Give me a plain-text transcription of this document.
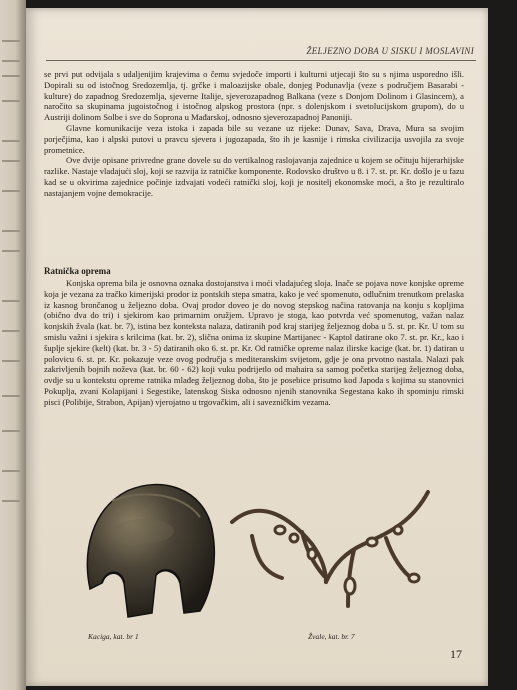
ŽELJEZNO DOBA U SISKU I MOSLAVINI

se prvi put odvijala s udaljenijim krajevima o čemu svjedoče importi i kulturni utjecaji što su s njima usporedno išli. Dopirali su od istočnog Sredozemlja, tj. grčke i maloazijske obale, donjeg Podunavlja (veze s područjem Basarabi - kulture) do zapadnog Sredozemlja, sjeverne Italije, sjeverozapadnog Balkana (veze s Donjom Dolinom i Glasincem), a naročito sa skupinama jugoistočnog i istočnog alpskog prostora (npr. s dolenjskom i svetolucijskom grupom), do u Austriji dolinom Solbe i sve do Soprona u Mađarskoj, odnosno sjeverozapadnoj Panoniji.

Glavne komunikacije veza istoka i zapada bile su vezane uz rijeke: Dunav, Sava, Drava, Mura sa svojim porječjima, kao i alpski putovi u pravcu sjevera i jugozapada, što ih je kasnije i rimska civilizacija usvojila za svoje prometnice.

Ove dvije opisane privredne grane dovele su do vertikalnog raslojavanja zajednice u kojem se očituju hijerarhijske razlike. Nastaje vladajući sloj, koji se razvija iz ratničke komponente. Rodovsko društvo u 8. i 7. st. pr. Kr. došlo je u fazu kad se u okvirima zajednice počinje izdvajati vodeći ratnički sloj, koji je nositelj ekonomske moći, a što je rezultiralo nastajanjem vojne demokracije.

Ratnička oprema

Konjska oprema bila je osnovna oznaka dostojanstva i moći vladajućeg sloja. Inače se pojava nove konjske opreme koja je vezana za tračko kimerijski prodor iz pontskih stepa smatra, kako je već spomenuto, odlučnim trenutkom prelaska iz kasnog brončanog u željezno doba. Ovaj prodor doveo je do novog stepskog načina ratovanja na konju s kopljima (obično dva do tri) i sjekirom kao primarnim oružjem. Upravo je stoga, kao potvrda već spomenutog, važan nalaz konjskih žvala (kat. br. 7), istina bez konteksta nalaza, datiranih pod kraj starijeg željeznog doba u 5. st. pr. Kr. U tom su smislu važni i sjekira s krilcima (kat. br. 2), slična onima iz skupine Martijanec - Kaptol datirane oko 7. st. pr. Kr., kao i šuplje sjekire (kelt) (kat. br. 3 - 5) datiranih oko 6. st. pr. Kr. Od ratničke opreme nalaz ilirske kacige (kat. br. 1) datiran u polovicu 6. st. pr. Kr. pokazuje veze ovog područja s mediteranskim svijetom, gdje je ona prvotno nastala. Nalazi pak zakrivljenih bojnih noževa (kat. br. 60 - 62) koji vuku podrijetlo od mahaira sa samog početka starijeg željeznog doba, ovdje su u kontekstu opreme ratnika mlađeg željeznog doba, što je posebice prisutno kod Japoda s kojima su stanovnici Pokuplja, zvani Kolapijani i Segestike, latenskog Siska odnosno njenih stanovnika Segestana kako ih spominju rimski pisci (Polibije, Strabon, Apijan) vjerojatno u trgovačkim, ali i savezničkim vezama.

Kaciga, kat. br 1	Žvale, kat. br. 7
17
